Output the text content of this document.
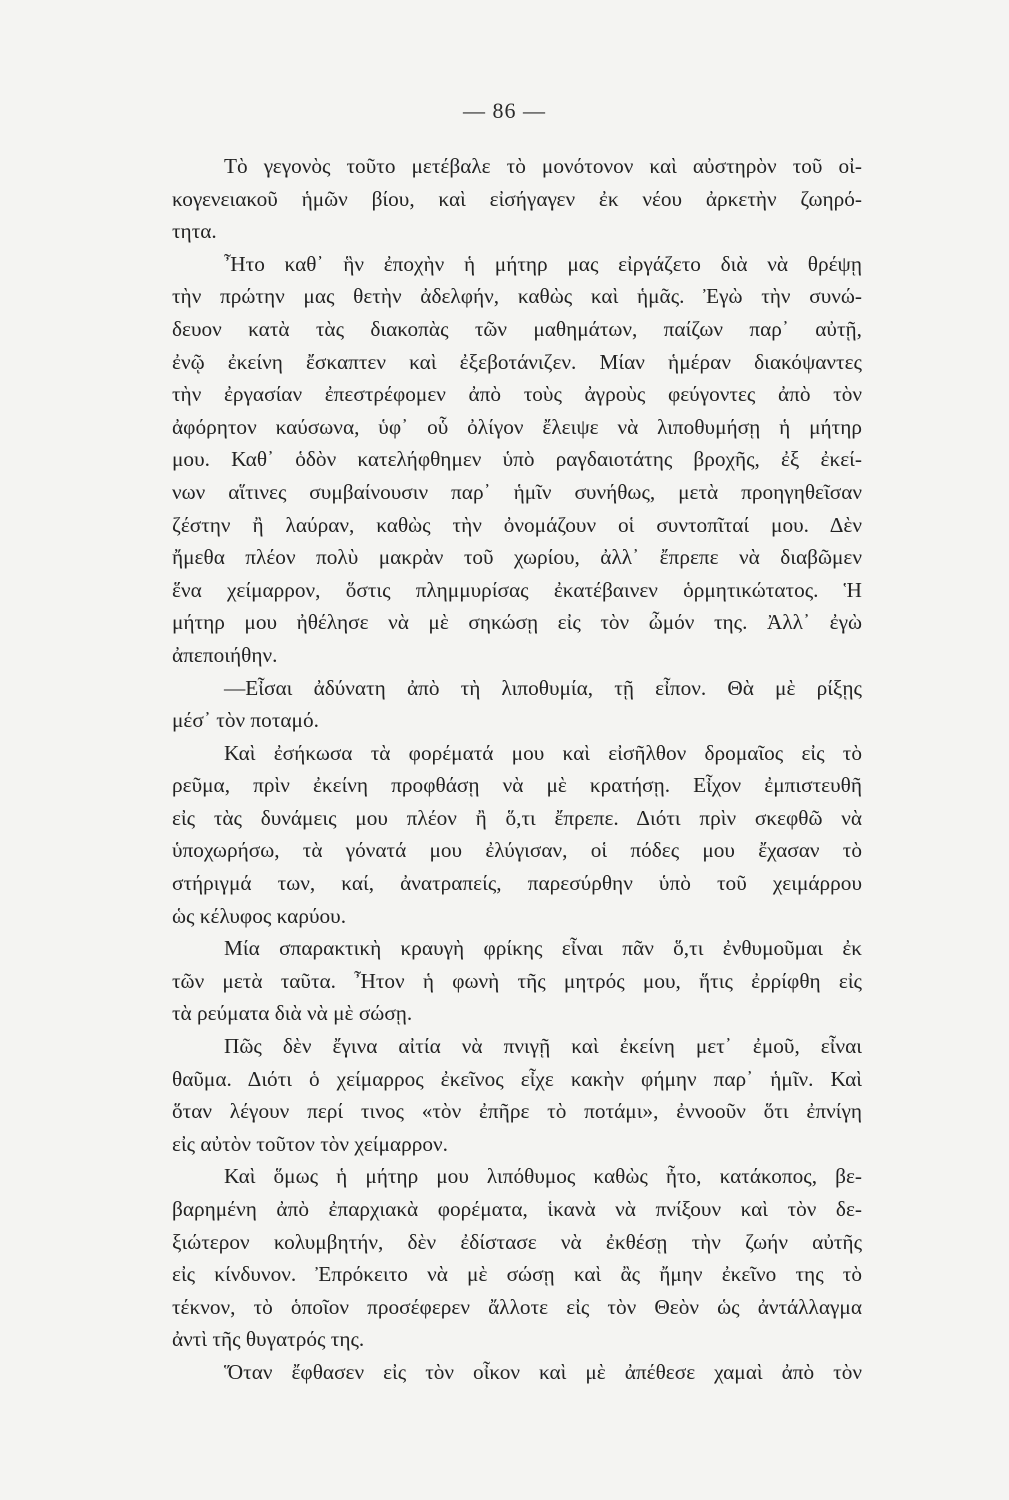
— 86 —
Τὸ γεγονὸς τοῦτο μετέβαλε τὸ μονότονον καὶ αὐστηρὸν τοῦ οἰ-
κογενειακοῦ ἡμῶν βίου, καὶ εἰσήγαγεν ἐκ νέου ἀρκετὴν ζωηρό-
τητα.
Ἦτο καθ᾽ ἣν ἐποχὴν ἡ μήτηρ μας εἰργάζετο διὰ νὰ θρέψῃ
τὴν πρώτην μας θετὴν ἀδελφήν, καθὼς καὶ ἡμᾶς. Ἐγὼ τὴν συνώ-
δευον κατὰ τὰς διακοπὰς τῶν μαθημάτων, παίζων παρ᾽ αὐτῇ,
ἐνῷ ἐκείνη ἔσκαπτεν καὶ ἐξεβοτάνιζεν. Μίαν ἡμέραν διακόψαντες
τὴν ἐργασίαν ἐπεστρέφομεν ἀπὸ τοὺς ἀγροὺς φεύγοντες ἀπὸ τὸν
ἀφόρητον καύσωνα, ὑφ᾽ οὗ ὀλίγον ἔλειψε νὰ λιποθυμήσῃ ἡ μήτηρ
μου. Καθ᾽ ὁδὸν κατελήφθημεν ὑπὸ ραγδαιοτάτης βροχῆς, ἐξ ἐκεί-
νων αἵτινες συμβαίνουσιν παρ᾽ ἡμῖν συνήθως, μετὰ προηγηθεῖσαν
ζέστην ἢ λαύραν, καθὼς τὴν ὀνομάζουν οἱ συντοπῖταί μου. Δὲν
ἤμεθα πλέον πολὺ μακρὰν τοῦ χωρίου, ἀλλ᾽ ἔπρεπε νὰ διαβῶμεν
ἕνα χείμαρρον, ὅστις πλημμυρίσας ἐκατέβαινεν ὁρμητικώτατος. Ἡ
μήτηρ μου ἠθέλησε νὰ μὲ σηκώσῃ εἰς τὸν ὦμόν της. Ἀλλ᾽ ἐγὼ
ἀπεποιήθην.
—Εἶσαι ἀδύνατη ἀπὸ τὴ λιποθυμία, τῇ εἶπον. Θὰ μὲ ρίξῃς
μέσ᾽ τὸν ποταμό.
Καὶ ἐσήκωσα τὰ φορέματά μου καὶ εἰσῆλθον δρομαῖος εἰς τὸ
ρεῦμα, πρὶν ἐκείνη προφθάσῃ νὰ μὲ κρατήσῃ. Εἶχον ἐμπιστευθῆ
εἰς τὰς δυνάμεις μου πλέον ἢ ὅ,τι ἔπρεπε. Διότι πρὶν σκεφθῶ νὰ
ὑποχωρήσω, τὰ γόνατά μου ἐλύγισαν, οἱ πόδες μου ἔχασαν τὸ
στήριγμά των, καί, ἀνατραπείς, παρεσύρθην ὑπὸ τοῦ χειμάρρου
ὡς κέλυφος καρύου.
Μία σπαρακτικὴ κραυγὴ φρίκης εἶναι πᾶν ὅ,τι ἐνθυμοῦμαι ἐκ
τῶν μετὰ ταῦτα. Ἦτον ἡ φωνὴ τῆς μητρός μου, ἥτις ἐρρίφθη εἰς
τὰ ρεύματα διὰ νὰ μὲ σώσῃ.
Πῶς δὲν ἔγινα αἰτία νὰ πνιγῇ καὶ ἐκείνη μετ᾽ ἐμοῦ, εἶναι
θαῦμα. Διότι ὁ χείμαρρος ἐκεῖνος εἶχε κακὴν φήμην παρ᾽ ἡμῖν. Καὶ
ὅταν λέγουν περί τινος «τὸν ἐπῆρε τὸ ποτάμι», ἐννοοῦν ὅτι ἐπνίγη
εἰς αὐτὸν τοῦτον τὸν χείμαρρον.
Καὶ ὅμως ἡ μήτηρ μου λιπόθυμος καθὼς ἦτο, κατάκοπος, βε-
βαρημένη ἀπὸ ἐπαρχιακὰ φορέματα, ἱκανὰ νὰ πνίξουν καὶ τὸν δε-
ξιώτερον κολυμβητήν, δὲν ἐδίστασε νὰ ἐκθέσῃ τὴν ζωήν αὐτῆς
εἰς κίνδυνον. Ἐπρόκειτο νὰ μὲ σώσῃ καὶ ἂς ἤμην ἐκεῖνο της τὸ
τέκνον, τὸ ὁποῖον προσέφερεν ἄλλοτε εἰς τὸν Θεὸν ὡς ἀντάλλαγμα
ἀντὶ τῆς θυγατρός της.
Ὅταν ἔφθασεν εἰς τὸν οἶκον καὶ μὲ ἀπέθεσε χαμαὶ ἀπὸ τὸν
